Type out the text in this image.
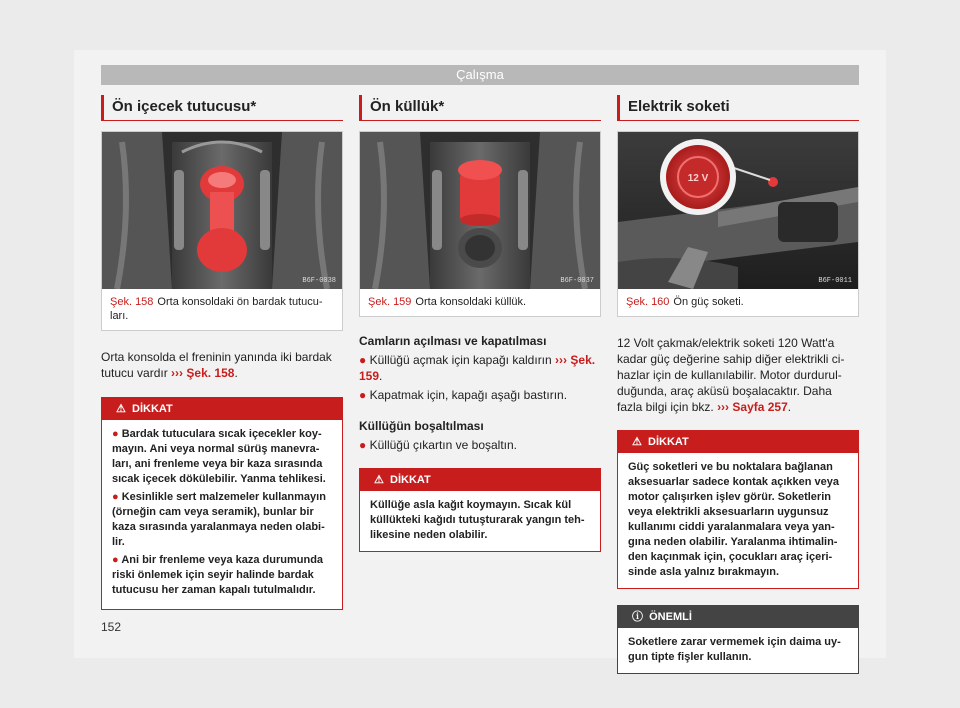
Çalışma
Ön içecek tutucusu*
B6F-0038
Şek. 158 Orta konsoldaki ön bardak tutucu-ları.

Orta konsolda el freninin yanında iki bardak tutucu vardır ››› Şek. 158.

⚠ DİKKAT
● Bardak tutuculara sıcak içecekler koy-mayın. Ani veya normal sürüş manevra-ları, ani frenleme veya bir kaza sırasında sıcak içecek dökülebilir. Yanma tehlikesi.
● Kesinlikle sert malzemeler kullanmayın (örneğin cam veya seramik), bunlar bir kaza sırasında yaralanmaya neden olabi-lir.
● Ani bir frenleme veya kaza durumunda riski önlemek için seyir halinde bardak tutucusu her zaman kapalı tutulmalıdır.
Ön küllük*
B6F-0037
Şek. 159 Orta konsoldaki küllük.
Camların açılması ve kapatılması
● Küllüğü açmak için kapağı kaldırın ››› Şek. 159.
● Kapatmak için, kapağı aşağı bastırın.
Küllüğün boşaltılması
● Küllüğü çıkartın ve boşaltın.
⚠ DİKKAT
Küllüğe asla kağıt koymayın. Sıcak kül küllükteki kağıdı tutuşturarak yangın teh-likesine neden olabilir.
Elektrik soketi
12 V
B6F-0011
Şek. 160 Ön güç soketi.

12 Volt çakmak/elektrik soketi 120 Watt'a kadar güç değerine sahip diğer elektrikli ci-hazlar için de kullanılabilir. Motor durdurul-duğunda, araç aküsü boşalacaktır. Daha fazla bilgi için bkz. ››› Sayfa 257.

⚠ DİKKAT
Güç soketleri ve bu noktalara bağlanan aksesuarlar sadece kontak açıkken veya motor çalışırken işlev görür. Soketlerin veya elektrikli aksesuarların uygunsuz kullanımı ciddi yaralanmalara veya yan-gına neden olabilir. Yaralanma ihtimalin-den kaçınmak için, çocukları araç içeri-sinde asla yalnız bırakmayın.
ⓘ ÖNEMLİ
Soketlere zarar vermemek için daima uy-gun tipte fişler kullanın.
152
